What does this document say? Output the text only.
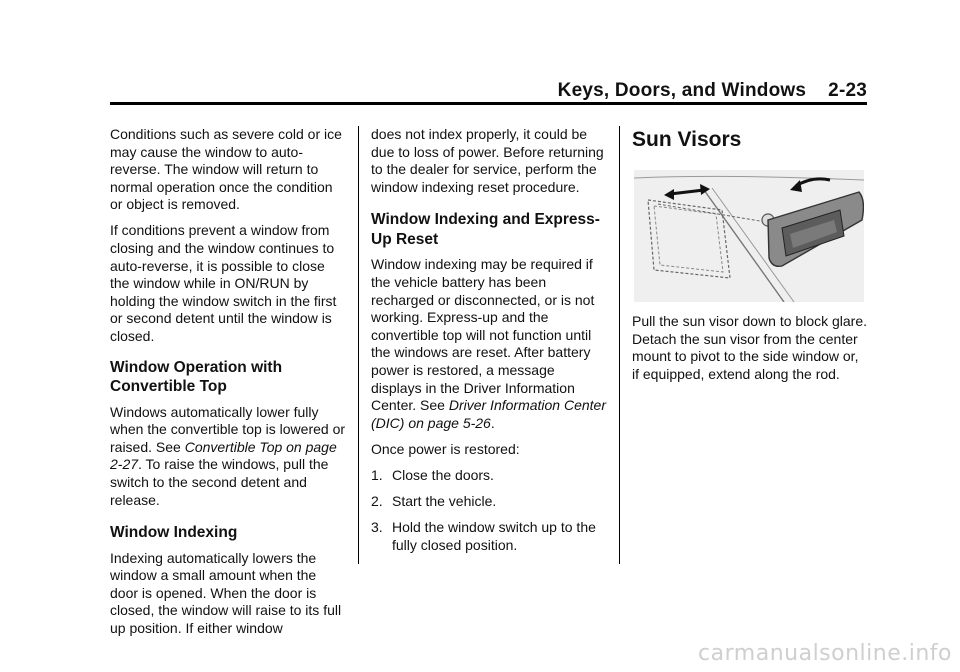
Keys, Doors, and Windows 2-23

Conditions such as severe cold or ice may cause the window to auto-reverse. The window will return to normal operation once the condition or object is removed.

If conditions prevent a window from closing and the window continues to auto-reverse, it is possible to close the window while in ON/RUN by holding the window switch in the first or second detent until the window is closed.

Window Operation with Convertible Top

Windows automatically lower fully when the convertible top is lowered or raised. See Convertible Top on page 2-27. To raise the windows, pull the switch to the second detent and release.

Window Indexing

Indexing automatically lowers the window a small amount when the door is opened. When the door is closed, the window will raise to its full up position. If either window

does not index properly, it could be due to loss of power. Before returning to the dealer for service, perform the window indexing reset procedure.

Window Indexing and Express-Up Reset

Window indexing may be required if the vehicle battery has been recharged or disconnected, or is not working. Express-up and the convertible top will not function until the windows are reset. After battery power is restored, a message displays in the Driver Information Center. See Driver Information Center (DIC) on page 5-26.

Once power is restored:

1. Close the doors.
2. Start the vehicle.
3. Hold the window switch up to the fully closed position.
Sun Visors

Pull the sun visor down to block glare. Detach the sun visor from the center mount to pivot to the side window or, if equipped, extend along the rod.

carmanualsonline.info
